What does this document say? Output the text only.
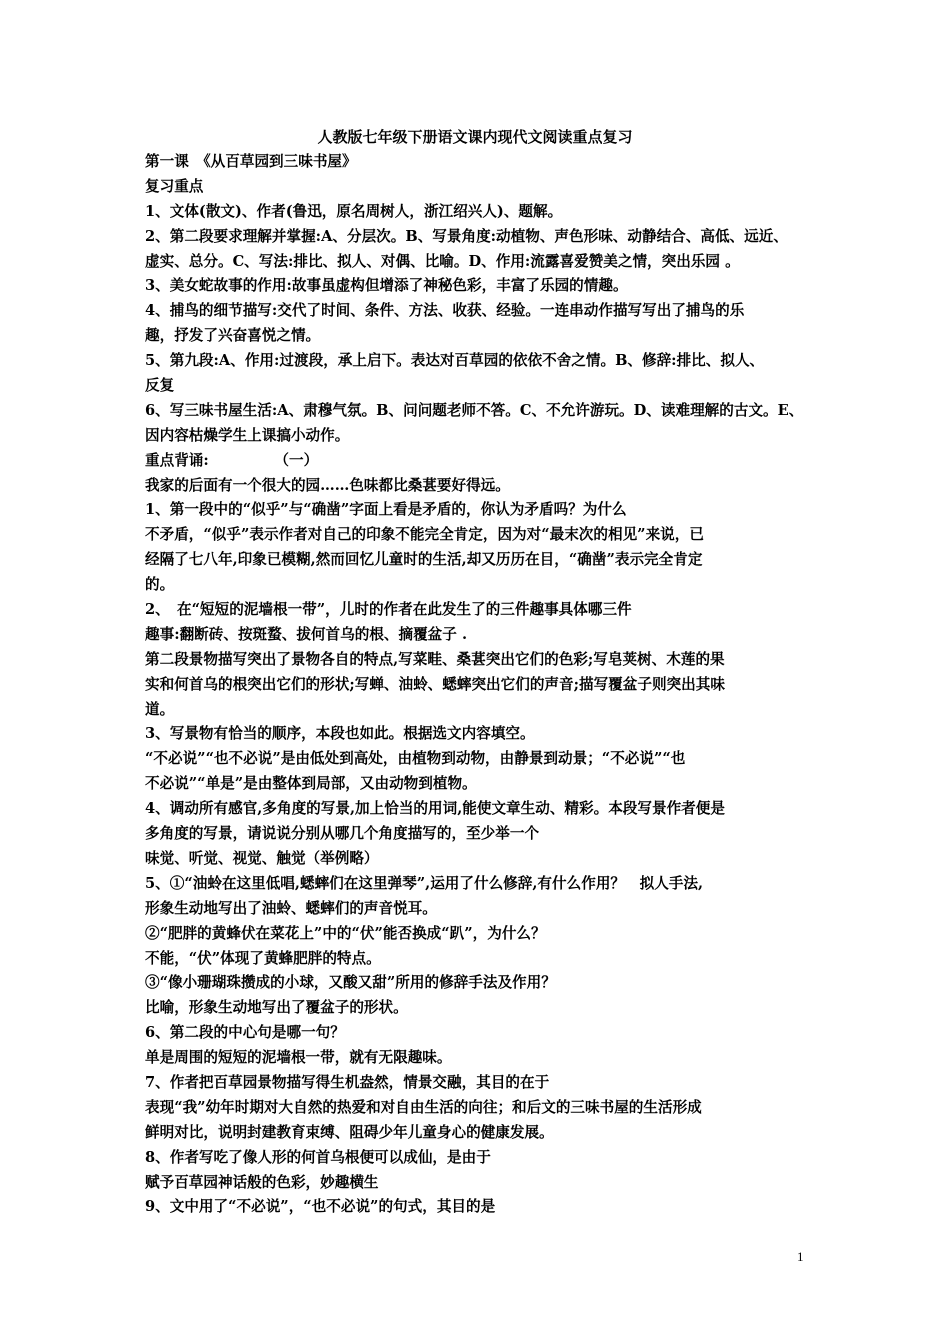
人教版七年级下册语文课内现代文阅读重点复习
第一课　《从百草园到三味书屋》
复习重点
1、文体(散文)、作者(鲁迅，原名周树人，浙江绍兴人)、题解。
2、第二段要求理解并掌握:A、分层次。B、写景角度:动植物、声色形味、动静结合、高低、远近、
虚实、总分。C、写法:排比、拟人、对偶、比喻。D、作用:流露喜爱赞美之情，突出乐园 。
3、美女蛇故事的作用:故事虽虚构但增添了神秘色彩，丰富了乐园的情趣。
4、捕鸟的细节描写:交代了时间、条件、方法、收获、经验。一连串动作描写写出了捕鸟的乐
趣，抒发了兴奋喜悦之情。
5、第九段:A、作用:过渡段，承上启下。表达对百草园的依依不舍之情。B、修辞:排比、拟人、
反复
6、写三味书屋生活:A、肃穆气氛。B、问问题老师不答。C、不允许游玩。D、读难理解的古文。E、
因内容枯燥学生上课搞小动作。
重点背诵:　　　　　（一）
我家的后面有一个很大的园……色味都比桑葚要好得远。
1、第一段中的“似乎”与“确凿”字面上看是矛盾的，你认为矛盾吗？为什么
不矛盾，“似乎”表示作者对自己的印象不能完全肯定，因为对“最末次的相见”来说，已
经隔了七八年,印象已模糊,然而回忆儿童时的生活,却又历历在目，“确凿”表示完全肯定
的。
2、　在“短短的泥墙根一带”，儿时的作者在此发生了的三件趣事具体哪三件
趣事:翻断砖、按斑蝥、拔何首乌的根、摘覆盆子 .
第二段景物描写突出了景物各自的特点,写菜畦、桑葚突出它们的色彩;写皂荚树、木莲的果
实和何首乌的根突出它们的形状;写蝉、油蛉、蟋蟀突出它们的声音;描写覆盆子则突出其味
道。
3、写景物有恰当的顺序，本段也如此。根据选文内容填空。
“不必说”“也不必说”是由低处到高处，由植物到动物，由静景到动景；“不必说”“也
不必说”“单是”是由整体到局部，又由动物到植物。
4、调动所有感官,多角度的写景,加上恰当的用词,能使文章生动、精彩。本段写景作者便是
多角度的写景，请说说分别从哪几个角度描写的，至少举一个
味觉、听觉、视觉、触觉（举例略）
5、①“油蛉在这里低唱,蟋蟀们在这里弹琴”,运用了什么修辞,有什么作用？　拟人手法,
形象生动地写出了油蛉、蟋蟀们的声音悦耳。
②“肥胖的黄蜂伏在菜花上”中的“伏”能否换成“趴”，为什么？
不能，“伏”体现了黄蜂肥胖的特点。
③“像小珊瑚珠攒成的小球，又酸又甜”所用的修辞手法及作用？
比喻，形象生动地写出了覆盆子的形状。
6、第二段的中心句是哪一句？
单是周围的短短的泥墙根一带，就有无限趣味。
7、作者把百草园景物描写得生机盎然，情景交融，其目的在于
表现“我”幼年时期对大自然的热爱和对自由生活的向往；和后文的三味书屋的生活形成
鲜明对比，说明封建教育束缚、阻碍少年儿童身心的健康发展。
8、作者写吃了像人形的何首乌根便可以成仙，是由于
赋予百草园神话般的色彩，妙趣横生
9、文中用了“不必说”，“也不必说”的句式，其目的是
1
